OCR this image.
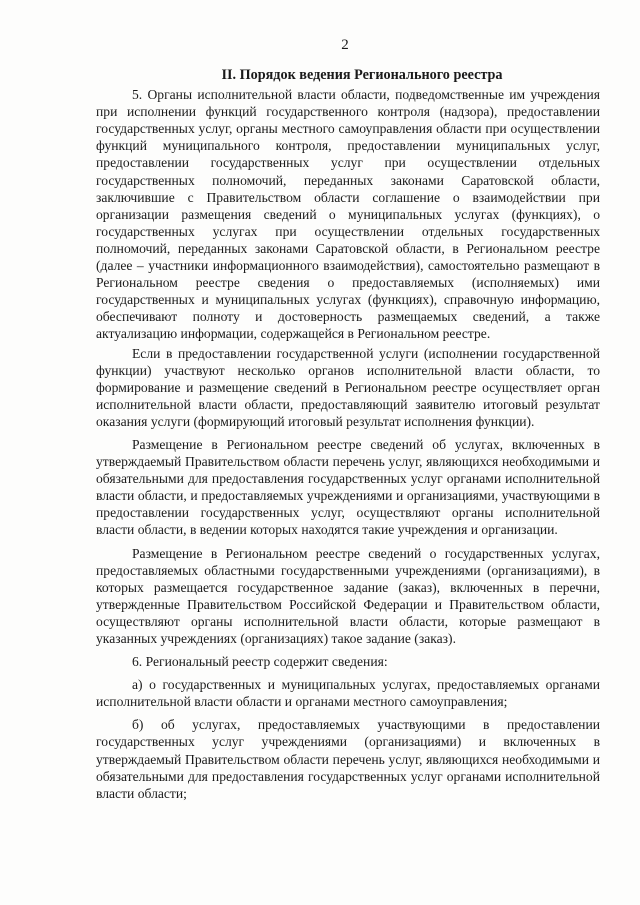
2
II. Порядок ведения Регионального реестра

5. Органы исполнительной власти области, подведомственные им учреждения при исполнении функций государственного контроля (надзора), предоставлении государственных услуг, органы местного самоуправления области при осуществлении функций муниципального контроля, предоставлении муниципальных услуг, предоставлении государственных услуг при осуществлении отдельных государственных полномочий, переданных законами Саратовской области, заключившие с Правительством области соглашение о взаимодействии при организации размещения сведений о муниципальных услугах (функциях), о государственных услугах при осуществлении отдельных государственных полномочий, переданных законами Саратовской области, в Региональном реестре (далее – участники информационного взаимодействия), самостоятельно размещают в Региональном реестре сведения о предоставляемых (исполняемых) ими государственных и муниципальных услугах (функциях), справочную информацию, обеспечивают полноту и достоверность размещаемых сведений, а также актуализацию информации, содержащейся в Региональном реестре.

Если в предоставлении государственной услуги (исполнении государственной функции) участвуют несколько органов исполнительной власти области, то формирование и размещение сведений в Региональном реестре осуществляет орган исполнительной власти области, предоставляющий заявителю итоговый результат оказания услуги (формирующий итоговый результат исполнения функции).

Размещение в Региональном реестре сведений об услугах, включенных в утверждаемый Правительством области перечень услуг, являющихся необходимыми и обязательными для предоставления государственных услуг органами исполнительной власти области, и предоставляемых учреждениями и организациями, участвующими в предоставлении государственных услуг, осуществляют органы исполнительной власти области, в ведении которых находятся такие учреждения и организации.

Размещение в Региональном реестре сведений о государственных услугах, предоставляемых областными государственными учреждениями (организациями), в которых размещается государственное задание (заказ), включенных в перечни, утвержденные Правительством Российской Федерации и Правительством области, осуществляют органы исполнительной власти области, которые размещают в указанных учреждениях (организациях) такое задание (заказ).

6. Региональный реестр содержит сведения:

а) о государственных и муниципальных услугах, предоставляемых органами исполнительной власти области и органами местного самоуправления;

б) об услугах, предоставляемых участвующими в предоставлении государственных услуг учреждениями (организациями) и включенных в утверждаемый Правительством области перечень услуг, являющихся необходимыми и обязательными для предоставления государственных услуг органами исполнительной власти области;
